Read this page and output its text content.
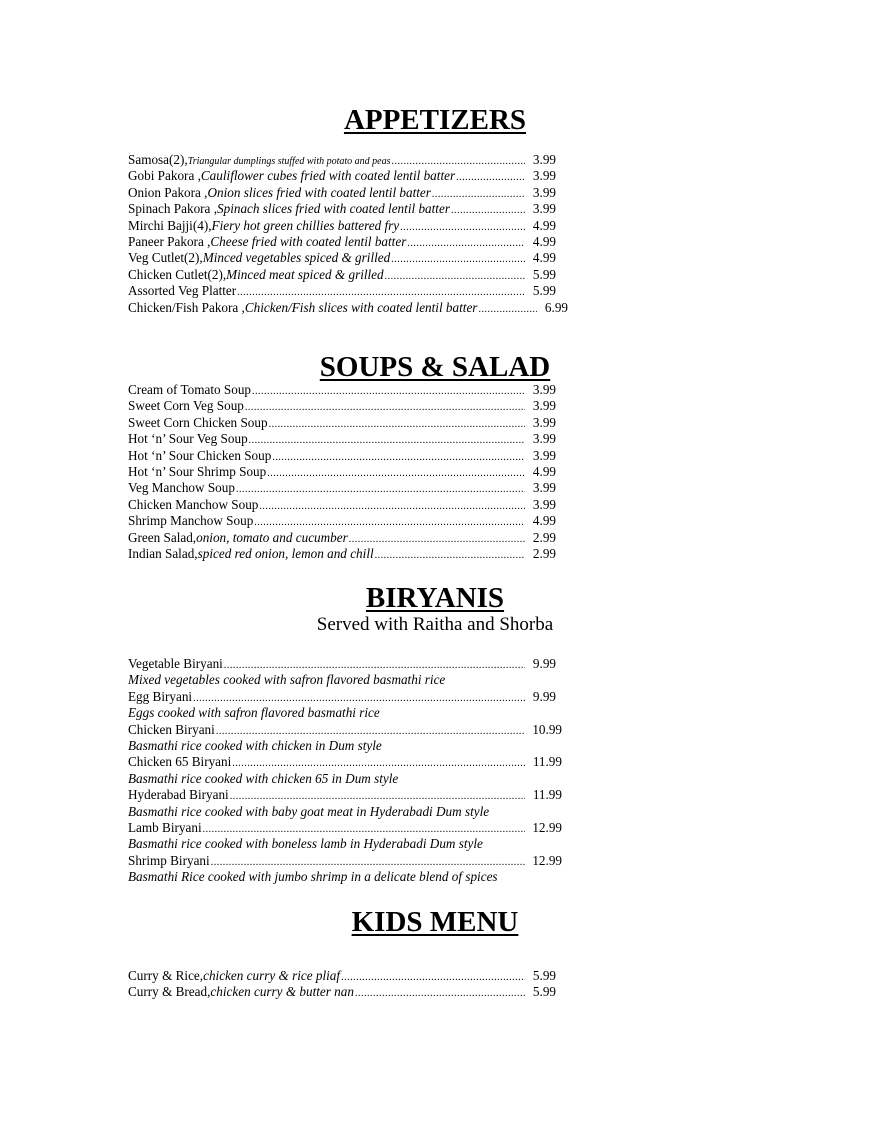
APPETIZERS
Samosa(2), Triangular dumplings stuffed with potato and peas .....	3.99
Gobi Pakora , Cauliflower cubes fried with coated lentil batter .....	3.99
Onion Pakora , Onion slices fried with coated lentil batter .....	3.99
Spinach Pakora , Spinach slices fried with coated lentil batter .....	3.99
Mirchi Bajji(4), Fiery hot green chillies battered fry .....	4.99
Paneer Pakora , Cheese fried with coated lentil batter .....	4.99
Veg Cutlet(2), Minced vegetables spiced & grilled .....	4.99
Chicken Cutlet(2), Minced meat spiced & grilled .....	5.99
Assorted Veg Platter .....	5.99
Chicken/Fish Pakora , Chicken/Fish slices with coated lentil batter .....	6.99
SOUPS & SALAD
Cream of Tomato Soup .....	3.99
Sweet Corn Veg Soup .....	3.99
Sweet Corn Chicken Soup .....	3.99
Hot ‘n’ Sour Veg Soup .....	3.99
Hot ‘n’ Sour Chicken Soup .....	3.99
Hot ‘n’ Sour Shrimp Soup .....	4.99
Veg Manchow Soup .....	3.99
Chicken Manchow Soup .....	3.99
Shrimp Manchow Soup .....	4.99
Green Salad, onion, tomato and cucumber .....	2.99
Indian Salad, spiced red onion, lemon and chill .....	2.99
BIRYANIS

Served with Raitha and Shorba

Vegetable Biryani .....	9.99
Mixed vegetables cooked with safron flavored basmathi rice
Egg Biryani .....	9.99
Eggs cooked with safron flavored basmathi rice
Chicken Biryani .....	10.99
Basmathi rice cooked with chicken in Dum style
Chicken 65 Biryani .....	11.99
Basmathi rice cooked with chicken 65 in Dum style
Hyderabad Biryani .....	11.99
Basmathi rice cooked with baby goat meat in Hyderabadi Dum style
Lamb Biryani .....	12.99
Basmathi rice cooked with boneless lamb in Hyderabadi Dum style
Shrimp Biryani .....	12.99
Basmathi Rice cooked with jumbo shrimp in a delicate blend of spices
KIDS MENU
Curry & Rice, chicken curry & rice pliaf .....	5.99
Curry & Bread, chicken curry & butter nan .....	5.99
